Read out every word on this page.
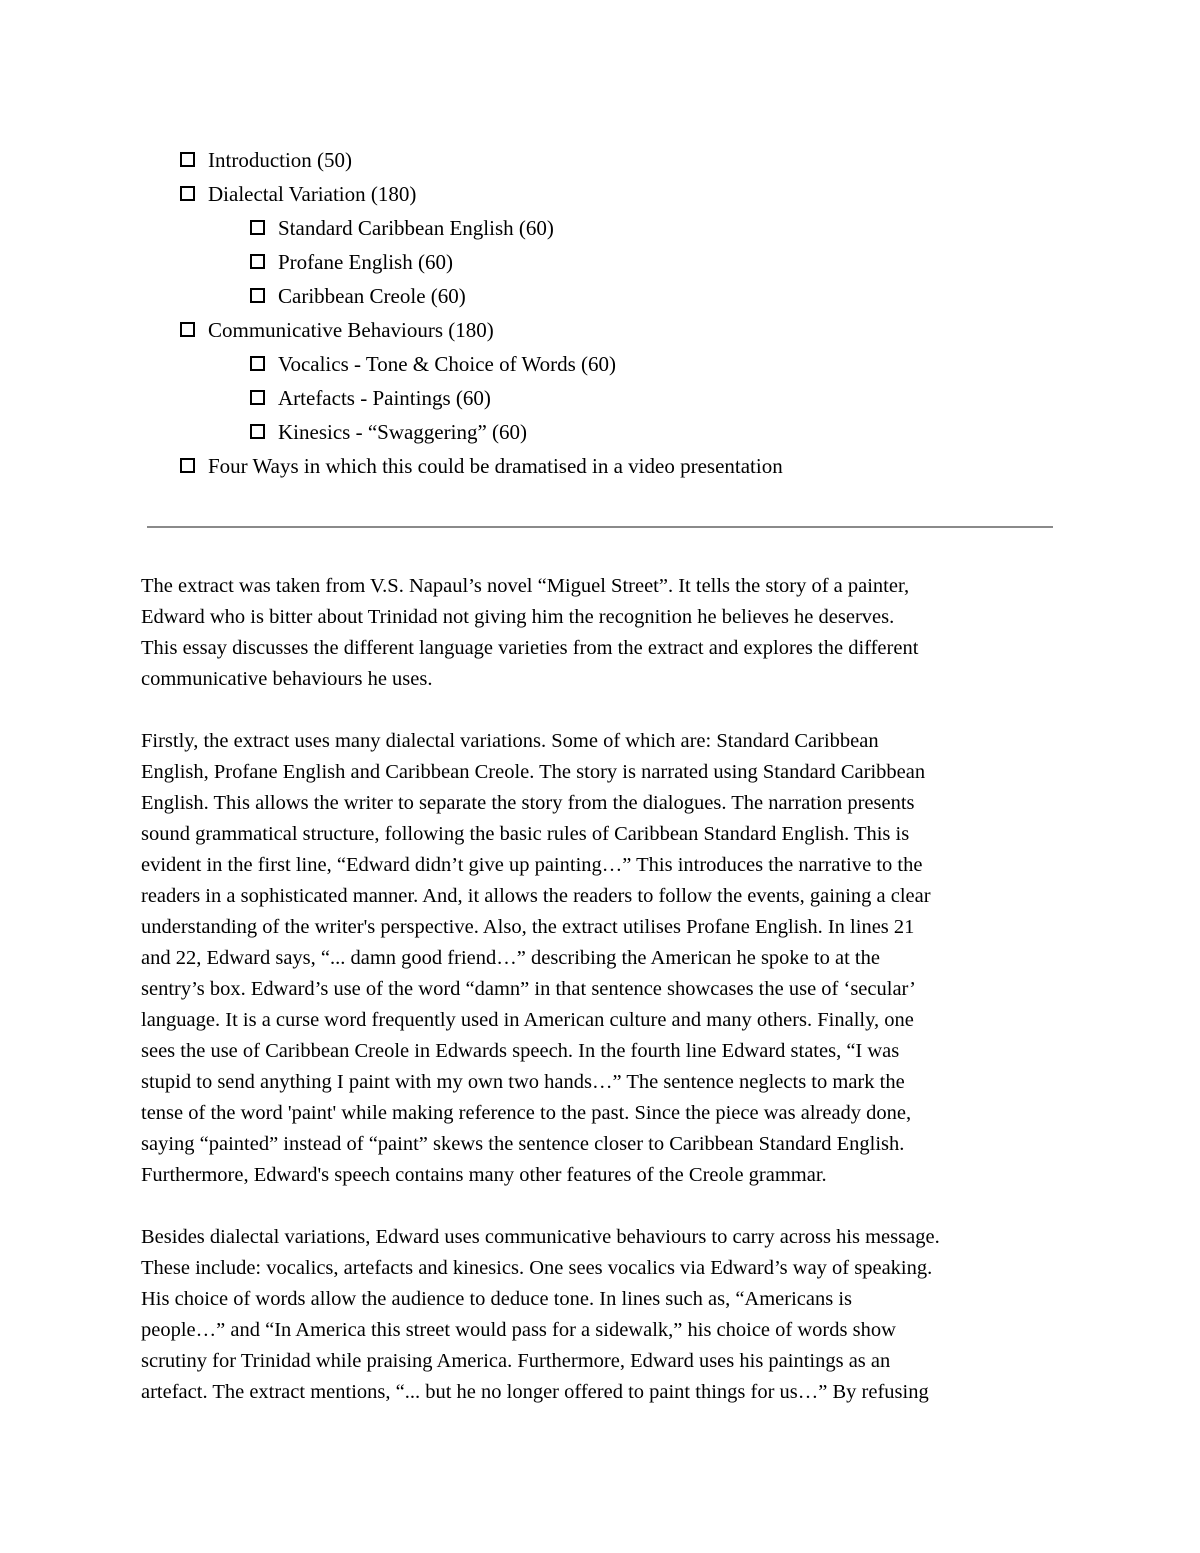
Introduction (50)
Dialectal Variation (180)
Standard Caribbean English (60)
Profane English (60)
Caribbean Creole (60)
Communicative Behaviours (180)
Vocalics - Tone & Choice of Words (60)
Artefacts - Paintings (60)
Kinesics - “Swaggering” (60)
Four Ways in which this could be dramatised in a video presentation

The extract was taken from V.S. Napaul’s novel “Miguel Street”. It tells the story of a painter,
Edward who is bitter about Trinidad not giving him the recognition he believes he deserves.
This essay discusses the different language varieties from the extract and explores the different
communicative behaviours he uses.

Firstly, the extract uses many dialectal variations. Some of which are: Standard Caribbean
English, Profane English and Caribbean Creole. The story is narrated using Standard Caribbean
English. This allows the writer to separate the story from the dialogues. The narration presents
sound grammatical structure, following the basic rules of Caribbean Standard English. This is
evident in the first line, “Edward didn’t give up painting…” This introduces the narrative to the
readers in a sophisticated manner. And, it allows the readers to follow the events, gaining a clear
understanding of the writer's perspective. Also, the extract utilises Profane English. In lines 21
and 22, Edward says, “... damn good friend…” describing the American he spoke to at the
sentry’s box. Edward’s use of the word “damn” in that sentence showcases the use of ‘secular’
language. It is a curse word frequently used in American culture and many others. Finally, one
sees the use of Caribbean Creole in Edwards speech. In the fourth line Edward states, “I was
stupid to send anything I paint with my own two hands…” The sentence neglects to mark the
tense of the word 'paint' while making reference to the past. Since the piece was already done,
saying “painted” instead of “paint” skews the sentence closer to Caribbean Standard English.
Furthermore, Edward's speech contains many other features of the Creole grammar.

Besides dialectal variations, Edward uses communicative behaviours to carry across his message.
These include: vocalics, artefacts and kinesics. One sees vocalics via Edward’s way of speaking.
His choice of words allow the audience to deduce tone. In lines such as, “Americans is
people…” and “In America this street would pass for a sidewalk,” his choice of words show
scrutiny for Trinidad while praising America. Furthermore, Edward uses his paintings as an
artefact. The extract mentions, “... but he no longer offered to paint things for us…” By refusing
